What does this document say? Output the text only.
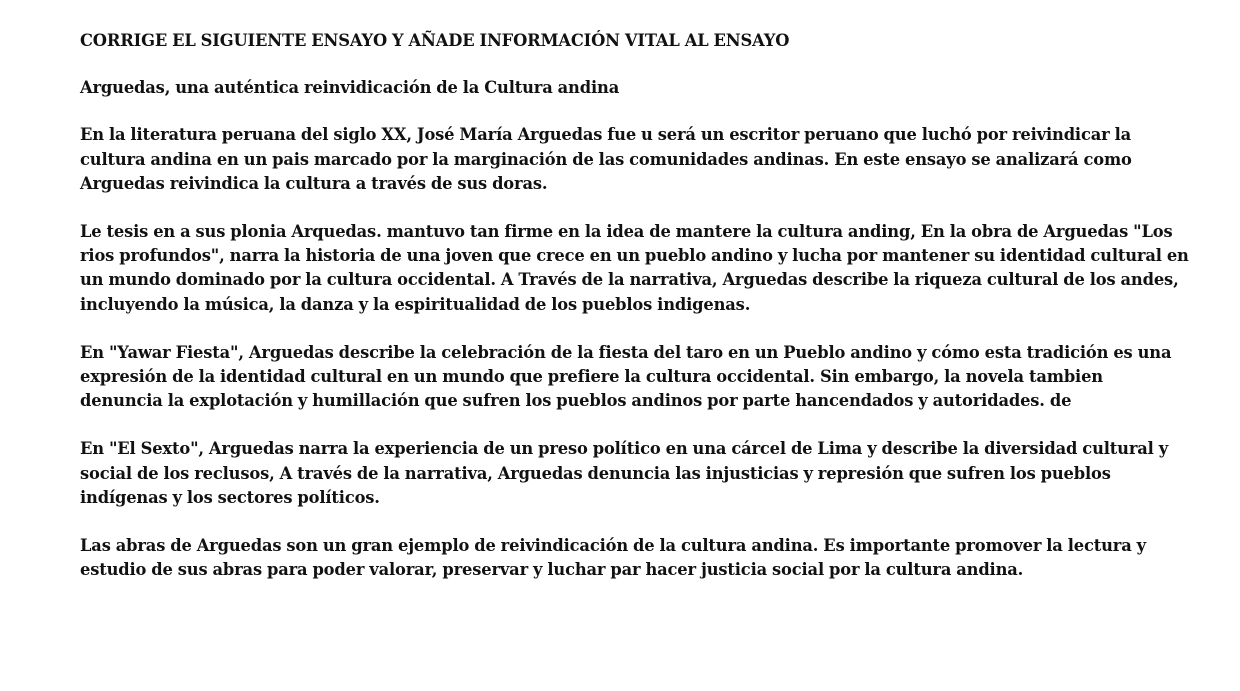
CORRIGE EL SIGUIENTE ENSAYO Y AÑADE INFORMACIÓN VITAL AL ENSAYO

Arguedas, una auténtica reinvidicación de la Cultura andina

En la literatura peruana del siglo XX, José María Arguedas fue u será un escritor peruano que luchó por reivindicar la cultura andina en un pais marcado por la marginación de las comunidades andinas. En este ensayo se analizará como Arguedas reivindica la cultura a través de sus doras.

Le tesis en a sus plonia Arquedas. mantuvo tan firme en la idea de mantere la cultura anding, En la obra de Arguedas "Los rios profundos", narra la historia de una joven que crece en un pueblo andino y lucha por mantener su identidad cultural en un mundo dominado por la cultura occidental. A Través de la narrativa, Arguedas describe la riqueza cultural de los andes, incluyendo la música, la danza y la espiritualidad de los pueblos indigenas.

En "Yawar Fiesta", Arguedas describe la celebración de la fiesta del taro en un Pueblo andino y cómo esta tradición es una expresión de la identidad cultural en un mundo que prefiere la cultura occidental. Sin embargo, la novela tambien denuncia la explotación y humillación que sufren los pueblos andinos por parte hancendados y autoridades. de

En "El Sexto", Arguedas narra la experiencia de un preso político en una cárcel de Lima y describe la diversidad cultural y social de los reclusos, A través de la narrativa, Arguedas denuncia las injusticias y represión que sufren los pueblos indígenas y los sectores políticos.

Las abras de Arguedas son un gran ejemplo de reivindicación de la cultura andina. Es importante promover la lectura y estudio de sus abras para poder valorar, preservar y luchar par hacer justicia social por la cultura andina.
